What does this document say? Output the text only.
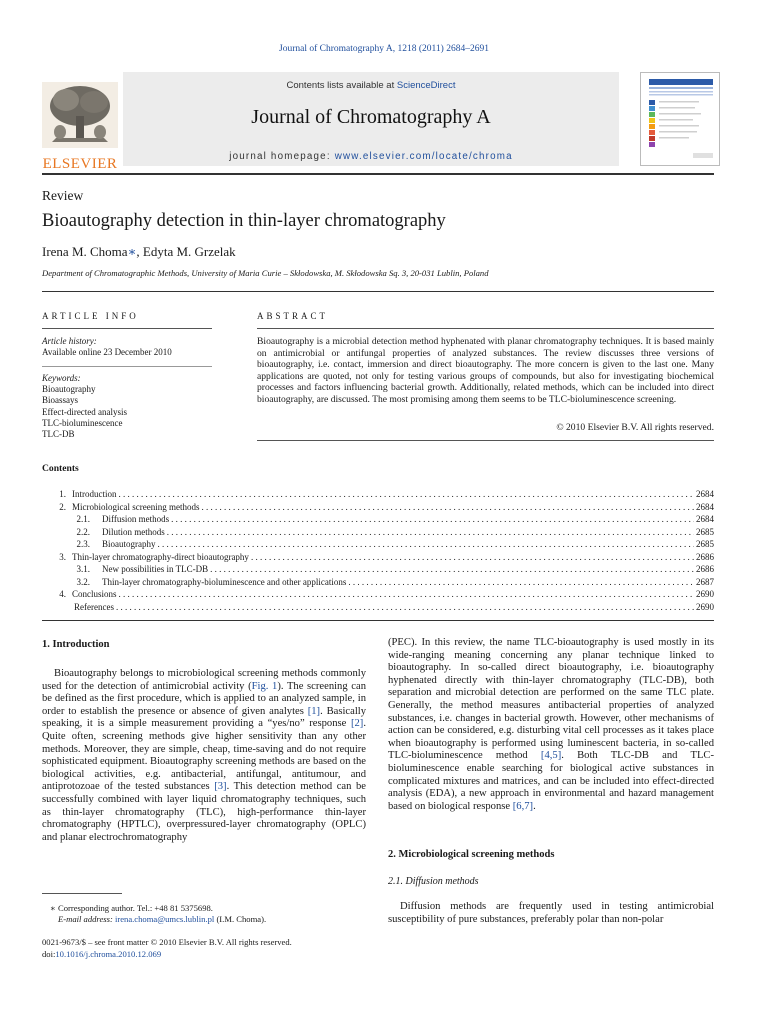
Journal of Chromatography A, 1218 (2011) 2684–2691
Contents lists available at ScienceDirect
Journal of Chromatography A
journal homepage: www.elsevier.com/locate/chroma
ELSEVIER
Review
Bioautography detection in thin-layer chromatography
Irena M. Choma∗, Edyta M. Grzelak
Department of Chromatographic Methods, University of Maria Curie – Skłodowska, M. Skłodowska Sq. 3, 20-031 Lublin, Poland
ARTICLE INFO
Article history:
Available online 23 December 2010
Keywords:
Bioautography
Bioassays
Effect-directed analysis
TLC-bioluminescence
TLC-DB
ABSTRACT

Bioautography is a microbial detection method hyphenated with planar chromatography techniques. It is based mainly on antimicrobial or antifungal properties of analyzed substances. The review discusses three versions of bioautography, i.e. contact, immersion and direct bioautography. The more concern is given to the last one. Many applications are quoted, not only for testing various groups of compounds, but also for investigating biochemical processes and factors influencing bacterial growth. Additionally, related methods, which can be included into direct bioautography, are discussed. The most promising among them seems to be TLC-bioluminescence screening.

© 2010 Elsevier B.V. All rights reserved.
Contents
1. Introduction . . .	2684
2. Microbiological screening methods . . .	2684
2.1. Diffusion methods . . .	2684
2.2. Dilution methods . . .	2685
2.3. Bioautography . . .	2685
3. Thin-layer chromatography-direct bioautography . . .	2686
3.1. New possibilities in TLC-DB . . .	2686
3.2. Thin-layer chromatography-bioluminescence and other applications . . .	2687
4. Conclusions . . .	2690
References . . .	2690
1. Introduction

Bioautography belongs to microbiological screening methods commonly used for the detection of antimicrobial activity (Fig. 1). The screening can be defined as the first procedure, which is applied to an analyzed sample, in order to establish the presence or absence of given analytes [1]. Basically speaking, it is a simple measurement providing a “yes/no” response [2]. Quite often, screening methods give higher sensitivity than any other methods. Moreover, they are simple, cheap, time-saving and do not require sophisticated equipment. Bioautography screening methods are based on the biological activities, e.g. antibacterial, antifungal, antitumour, and antiprotozoae of the tested substances [3]. This detection method can be successfully combined with layer liquid chromatography techniques, such as thin-layer chromatography (TLC), high-performance thin-layer chromatography (HPTLC), overpressured-layer chromatography (OPLC) and planar electrochromatography

(PEC). In this review, the name TLC-bioautography is used mostly in its wide-ranging meaning concerning any planar technique linked to bioautography. In so-called direct bioautography, i.e. bioautography hyphenated directly with thin-layer chromatography (TLC-DB), both separation and microbial detection are performed on the same TLC plate. Generally, the method measures antibacterial properties of analyzed substances, i.e. changes in bacterial growth. However, other mechanisms of action can be considered, e.g. disturbing vital cell processes as it takes place when bioautography is performed using luminescent bacteria, in so-called TLC-bioluminescence method [4,5]. Both TLC-DB and TLC-bioluminescence enable searching for biological active substances in complicated mixtures and matrices, and can be included into effect-directed analysis (EDA), a new approach in environmental and hazard management based on biological response [6,7].

2. Microbiological screening methods
2.1. Diffusion methods

Diffusion methods are frequently used in testing antimicrobial susceptibility of pure substances, preferably polar than non-polar

∗ Corresponding author. Tel.: +48 81 5375698.
E-mail address: irena.choma@umcs.lublin.pl (I.M. Choma).
0021-9673/$ – see front matter © 2010 Elsevier B.V. All rights reserved.
doi:10.1016/j.chroma.2010.12.069
